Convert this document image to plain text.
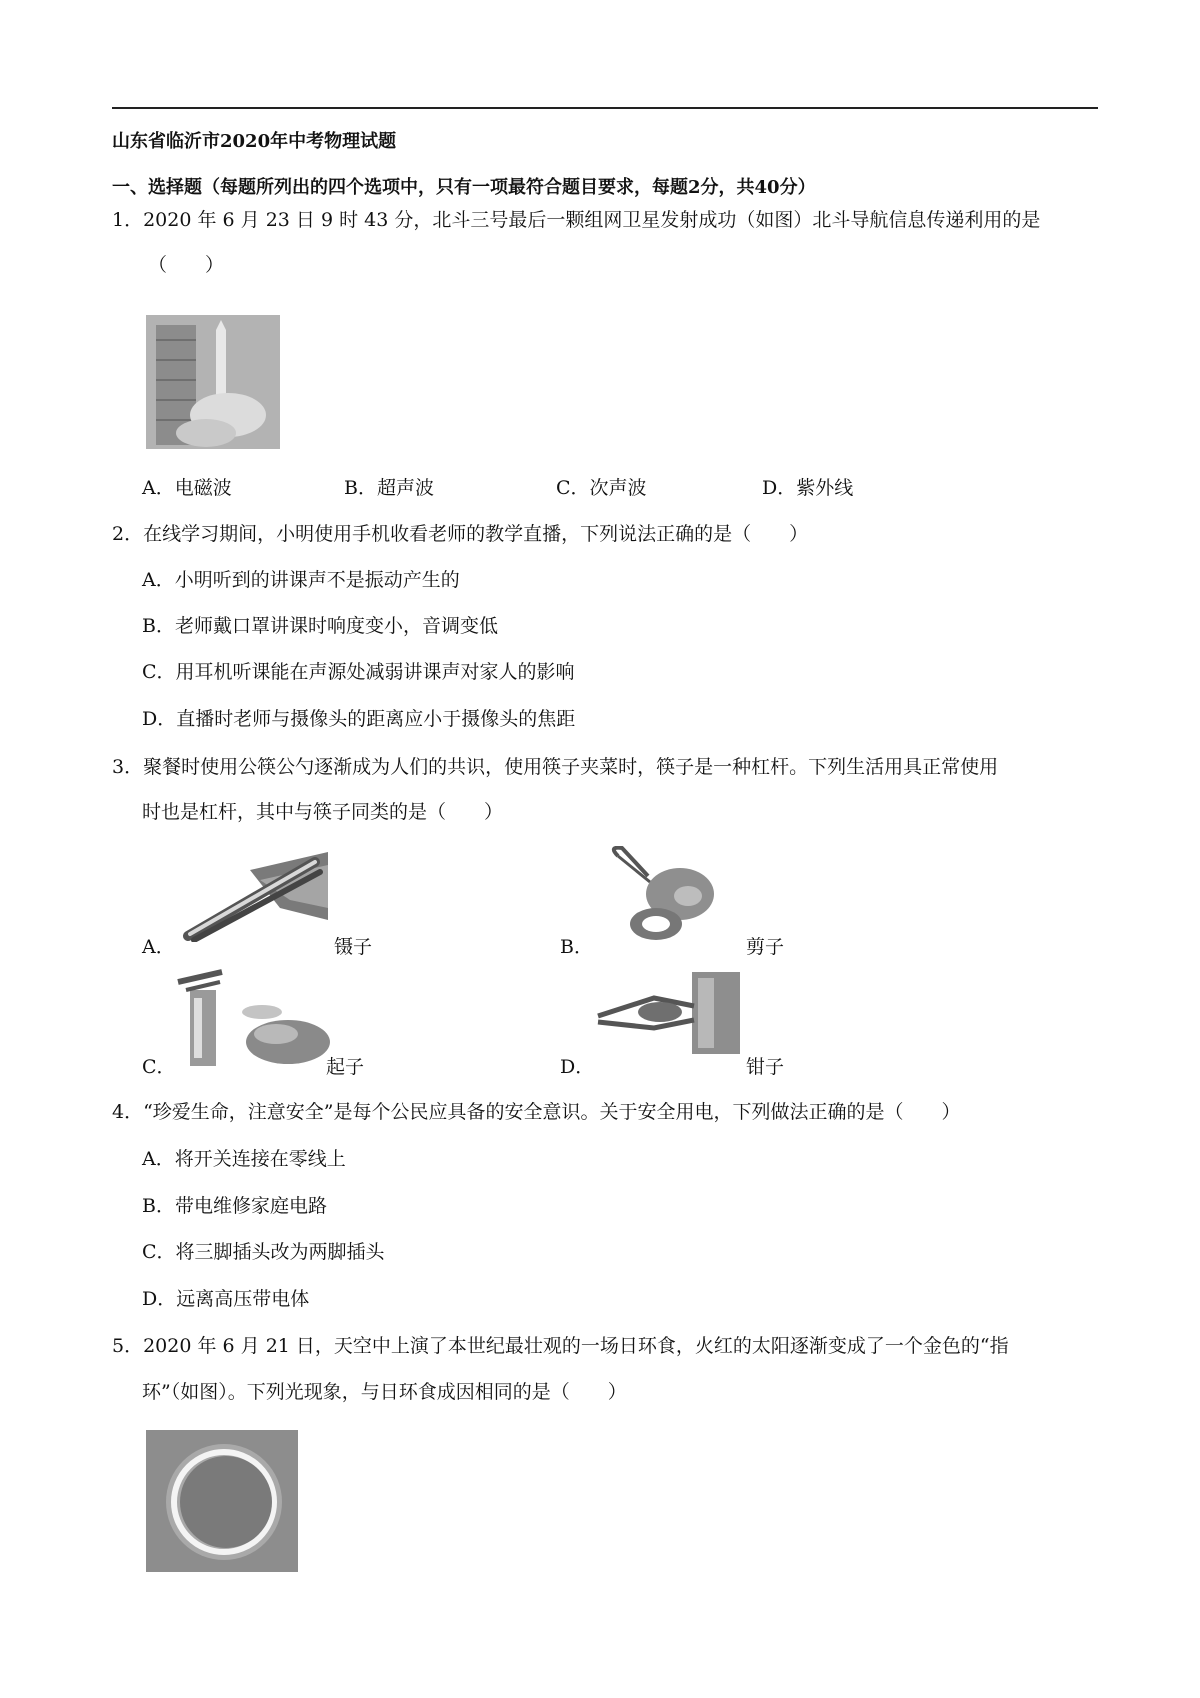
山东省临沂市2020年中考物理试题
一、选择题（每题所列出的四个选项中，只有一项最符合题目要求，每题2分，共40分）
1．2020 年 6 月 23 日 9 时 43 分，北斗三号最后一颗组网卫星发射成功（如图）北斗导航信息传递利用的是
（　　）
A．电磁波	B．超声波	C．次声波	D．紫外线
2．在线学习期间，小明使用手机收看老师的教学直播，下列说法正确的是（　　）
A．小明听到的讲课声不是振动产生的
B．老师戴口罩讲课时响度变小，音调变低
C．用耳机听课能在声源处减弱讲课声对家人的影响
D．直播时老师与摄像头的距离应小于摄像头的焦距
3．聚餐时使用公筷公勺逐渐成为人们的共识，使用筷子夹菜时，筷子是一种杠杆。下列生活用具正常使用
时也是杠杆，其中与筷子同类的是（　　）
A．	镊子	B．	剪子
C．	起子	D．	钳子
4．“珍爱生命，注意安全”是每个公民应具备的安全意识。关于安全用电，下列做法正确的是（　　）
A．将开关连接在零线上
B．带电维修家庭电路
C．将三脚插头改为两脚插头
D．远离高压带电体
5．2020 年 6 月 21 日，天空中上演了本世纪最壮观的一场日环食，火红的太阳逐渐变成了一个金色的“指
环”（如图）。下列光现象，与日环食成因相同的是（　　）
